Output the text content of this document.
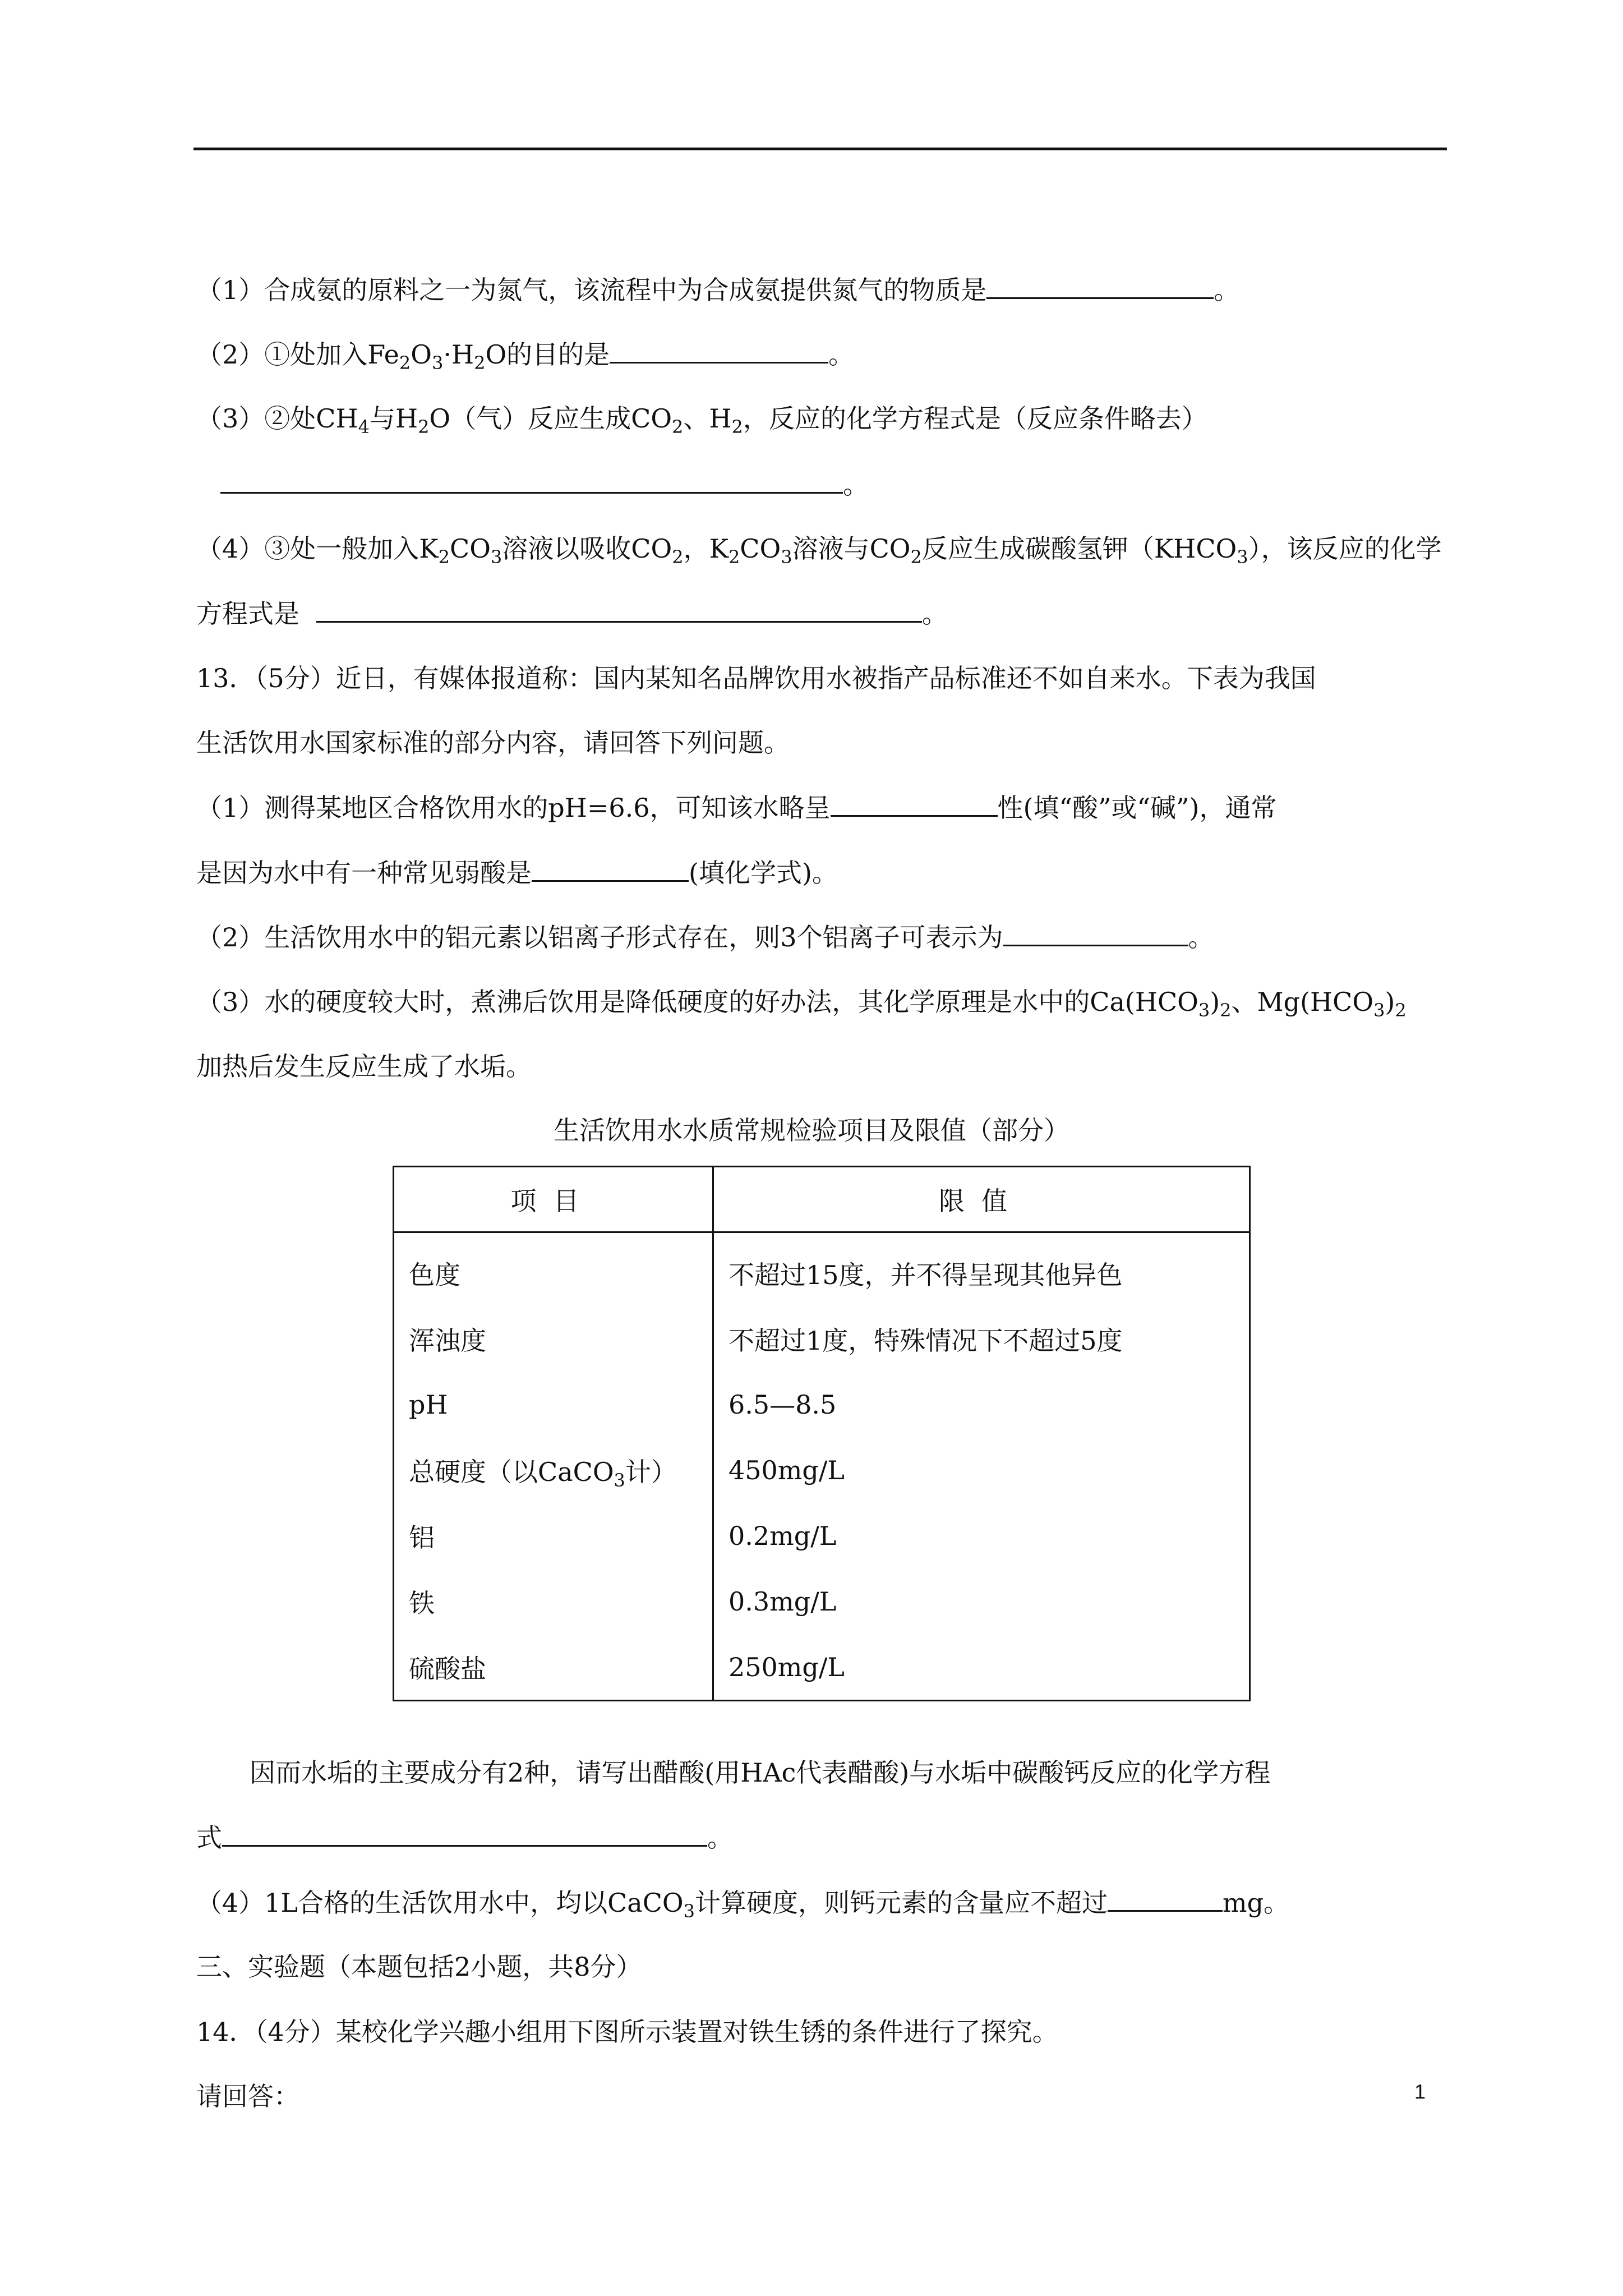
（1）合成氨的原料之一为氮气，该流程中为合成氨提供氮气的物质是	。
（2）①处加入$Fe_2O_3\cdot H_2O$的目的是	。
（3）②处$CH_4$与$H_2O$（气）反应生成$CO_2$、$H_2$，反应的化学方程式是（反应条件略去）
。
（4）③处一般加入$K_2CO_3$溶液以吸收$CO_2$，$K_2CO_3$溶液与$CO_2$反应生成碳酸氢钾$(KHCO_3)$，该反应的化学
方程式是	。
13．（5分）近日，有媒体报道称：国内某知名品牌饮用水被指产品标准还不如自来水。下表为我国
生活饮用水国家标准的部分内容，请回答下列问题。
（1）测得某地区合格饮用水的pH=6.6，可知该水略呈	性(填“酸”或“碱”)，通常
是因为水中有一种常见弱酸是	(填化学式)。
（2）生活饮用水中的铝元素以铝离子形式存在，则3个铝离子可表示为	。
（3）水的硬度较大时，煮沸后饮用是降低硬度的好办法，其化学原理是水中的$Ca(HCO_3)_2$、$Mg(HCO_3)_2$
加热后发生反应生成了水垢。
生活饮用水水质常规检验项目及限值（部分）
项目	限值
色度	不超过15度，并不得呈现其他异色
浑浊度	不超过1度，特殊情况下不超过5度
pH	6.5—8.5
总硬度（以CaCO$_3$计）	450mg/L
铝	0.2mg/L
铁	0.3mg/L
硫酸盐	250mg/L
因而水垢的主要成分有2种，请写出醋酸(用HAc代表醋酸)与水垢中碳酸钙反应的化学方程
式	。
（4）1L合格的生活饮用水中，均以CaCO$_3$计算硬度，则钙元素的含量应不超过	mg。
三、实验题（本题包括2小题，共8分）
14．（4分）某校化学兴趣小组用下图所示装置对铁生锈的条件进行了探究。
请回答：	1
